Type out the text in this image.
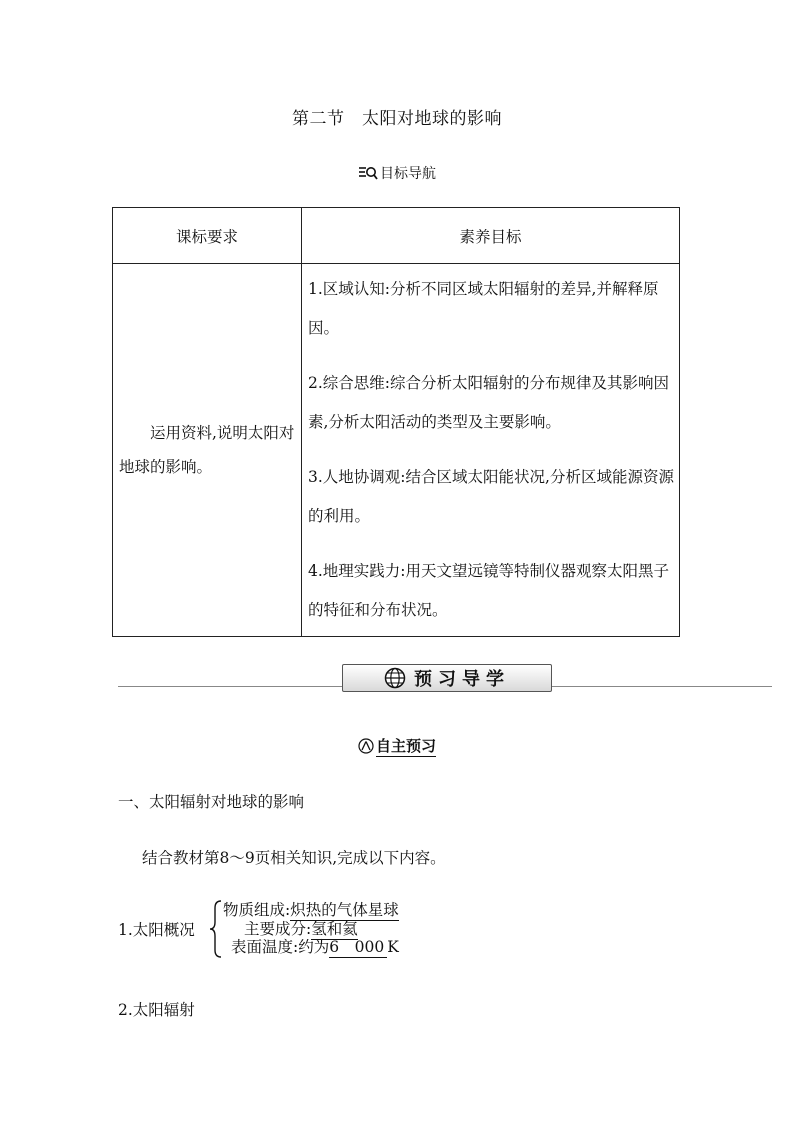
第二节　太阳对地球的影响
目标导航
课标要求	素养目标

运用资料,说明太阳对地球的影响。	1.区域认知:分析不同区域太阳辐射的差异,并解释原因。
2.综合思维:综合分析太阳辐射的分布规律及其影响因素,分析太阳活动的类型及主要影响。
3.人地协调观:结合区域太阳能状况,分析区域能源资源的利用。
4.地理实践力:用天文望远镜等特制仪器观察太阳黑子的特征和分布状况。
预习导学
自主预习
一、太阳辐射对地球的影响
结合教材第8～9页相关知识,完成以下内容。
1.太阳概况
物质组成:炽热的气体星球
主要成分:氢和氦
表面温度:约为6　000 K
2.太阳辐射
